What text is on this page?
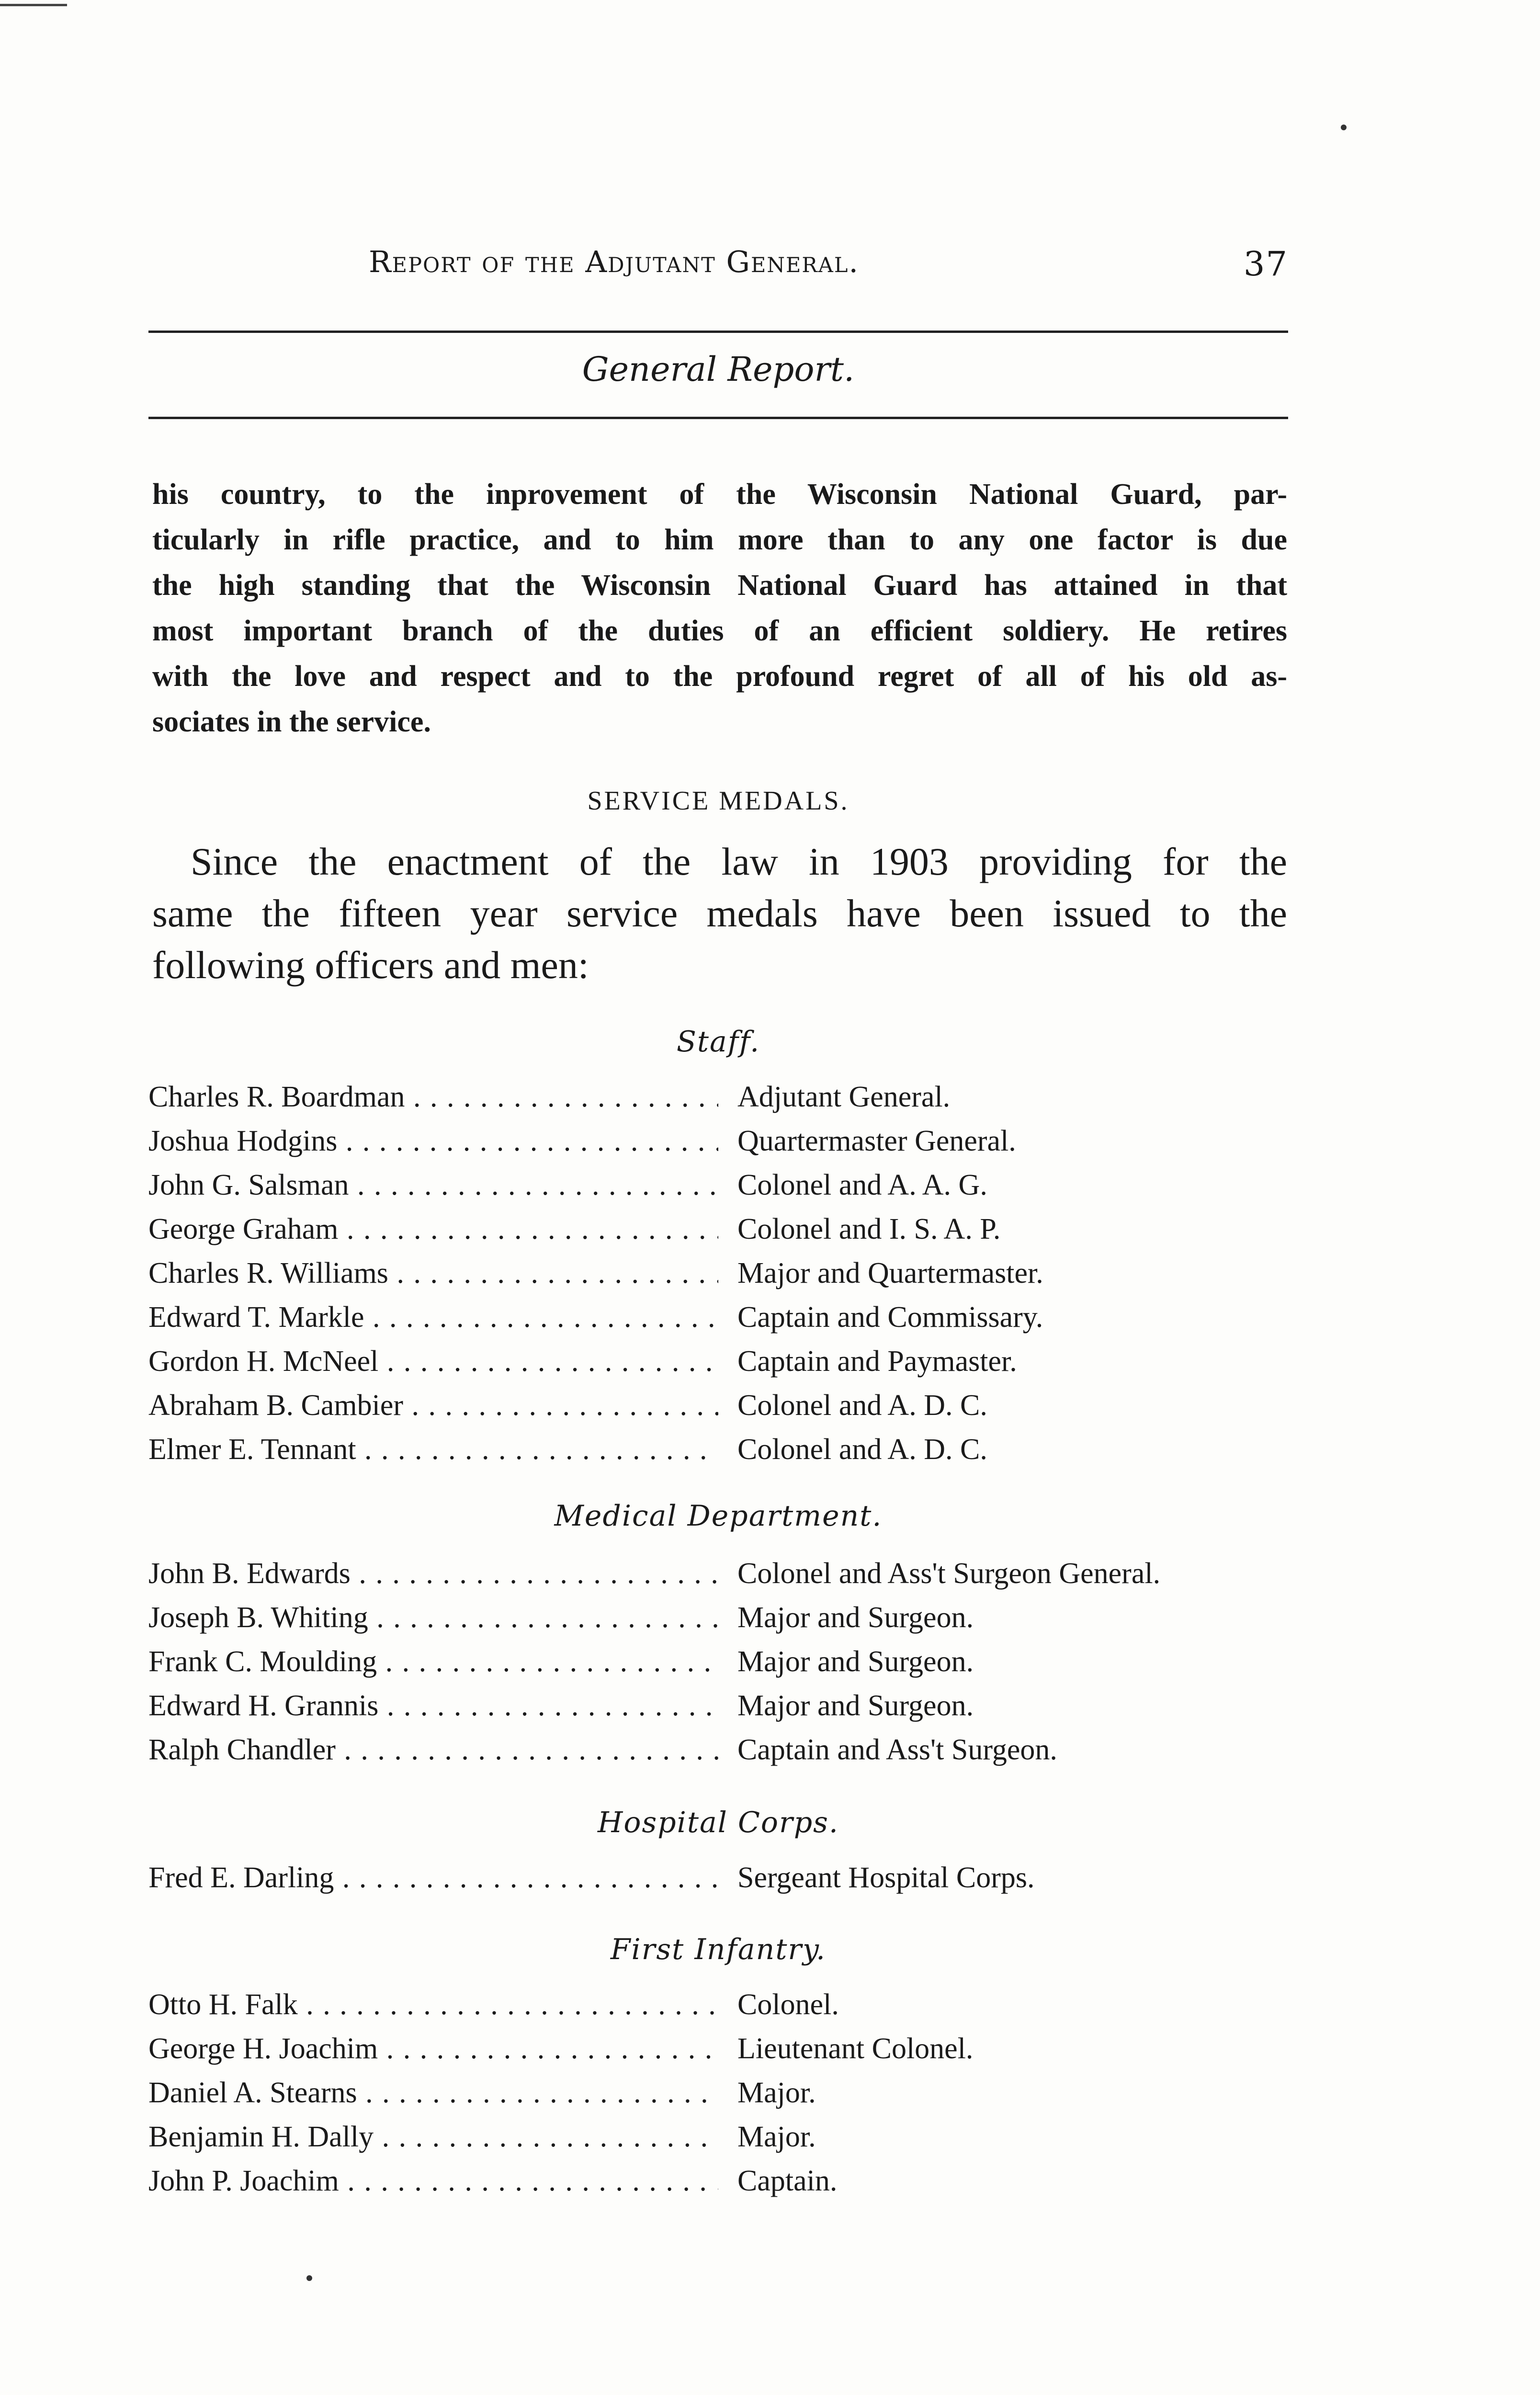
Report of the Adjutant General.	37
General Report.
his country, to the inprovement of the Wisconsin National Guard, par-
ticularly in rifle practice, and to him more than to any one factor is due
the high standing that the Wisconsin National Guard has attained in that
most important branch of the duties of an efficient soldiery. He retires
with the love and respect and to the profound regret of all of his old as-
sociates in the service.
SERVICE MEDALS.
Since the enactment of the law in 1903 providing for the
same the fifteen year service medals have been issued to the
following officers and men:
Staff.
Charles R. Boardman . . .	Adjutant General.
Joshua Hodgins . . .	Quartermaster General.
John G. Salsman . . .	Colonel and A. A. G.
George Graham . . .	Colonel and I. S. A. P.
Charles R. Williams . . .	Major and Quartermaster.
Edward T. Markle . . .	Captain and Commissary.
Gordon H. McNeel . . .	Captain and Paymaster.
Abraham B. Cambier . . .	Colonel and A. D. C.
Elmer E. Tennant . . .	Colonel and A. D. C.
Medical Department.
John B. Edwards . . .	Colonel and Ass't Surgeon General.
Joseph B. Whiting . . .	Major and Surgeon.
Frank C. Moulding . . .	Major and Surgeon.
Edward H. Grannis . . .	Major and Surgeon.
Ralph Chandler . . .	Captain and Ass't Surgeon.
Hospital Corps.
Fred E. Darling . . .	Sergeant Hospital Corps.
First Infantry.
Otto H. Falk . . .	Colonel.
George H. Joachim . . .	Lieutenant Colonel.
Daniel A. Stearns . . .	Major.
Benjamin H. Dally . . .	Major.
John P. Joachim . . .	Captain.
